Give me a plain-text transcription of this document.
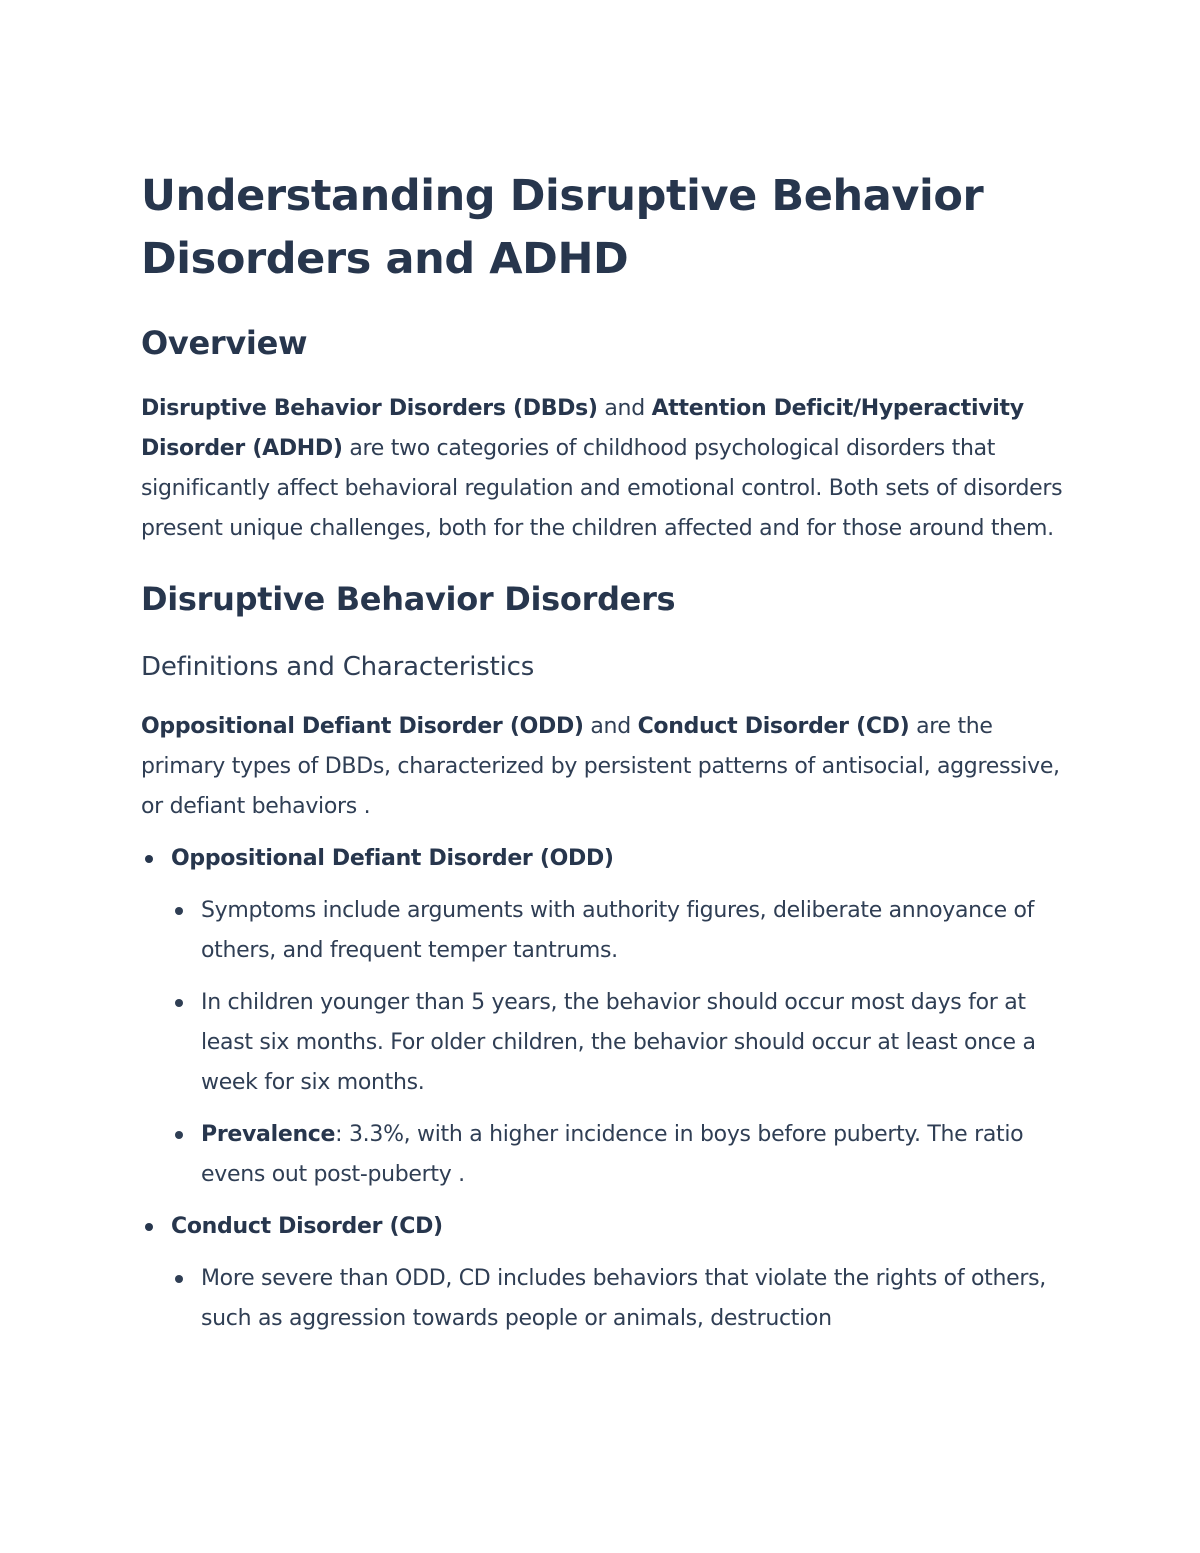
Understanding Disruptive Behavior Disorders and ADHD
Overview

Disruptive Behavior Disorders (DBDs) and Attention Deficit/Hyperactivity Disorder (ADHD) are two categories of childhood psychological disorders that significantly affect behavioral regulation and emotional control. Both sets of disorders present unique challenges, both for the children affected and for those around them.

Disruptive Behavior Disorders
Definitions and Characteristics

Oppositional Defiant Disorder (ODD) and Conduct Disorder (CD) are the primary types of DBDs, characterized by persistent patterns of antisocial, aggressive, or defiant behaviors .

Oppositional Defiant Disorder (ODD)
Symptoms include arguments with authority figures, deliberate annoyance of others, and frequent temper tantrums.
In children younger than 5 years, the behavior should occur most days for at least six months. For older children, the behavior should occur at least once a week for six months.
Prevalence: 3.3%, with a higher incidence in boys before puberty. The ratio evens out post-puberty .
Conduct Disorder (CD)
More severe than ODD, CD includes behaviors that violate the rights of others, such as aggression towards people or animals, destruction
